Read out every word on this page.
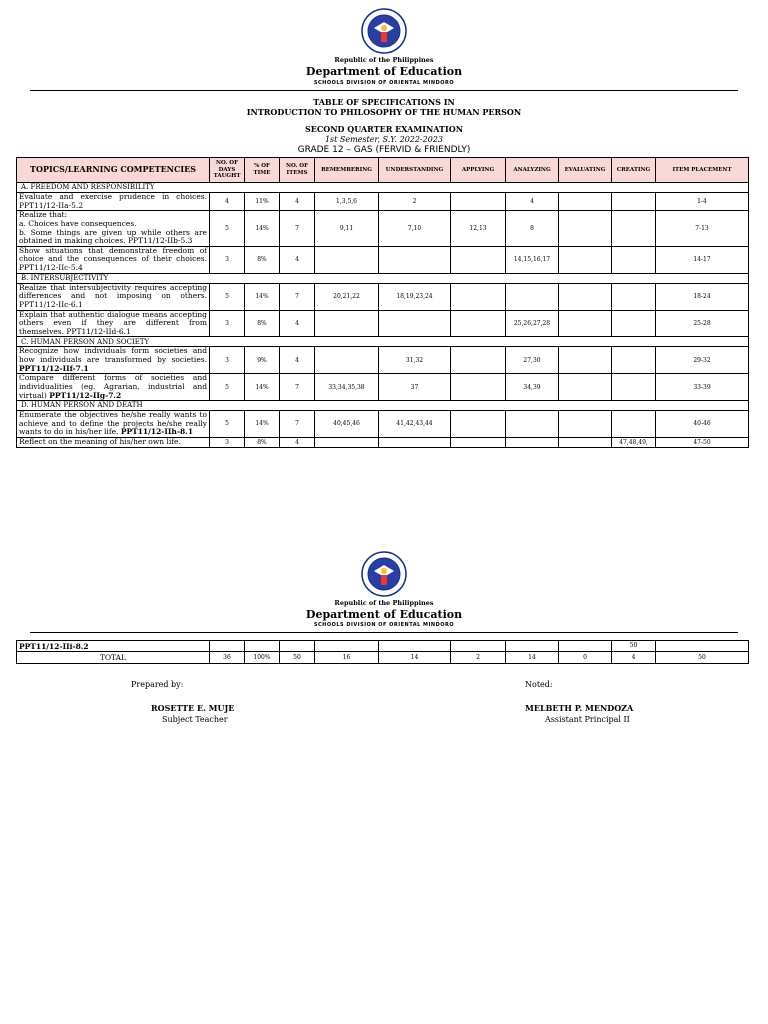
Republic of the Philippines
Department of Education
SCHOOLS DIVISION OF ORIENTAL MINDORO
TABLE OF SPECIFICATIONS IN
INTRODUCTION TO PHILOSOPHY OF THE HUMAN PERSON
SECOND QUARTER EXAMINATION
1st Semester, S.Y. 2022-2023
GRADE 12 – GAS (FERVID & FRIENDLY)
TOPICS/LEARNING COMPETENCIES	NO. OF DAYS TAUGHT	% OF TIME	NO. OF ITEMS	REMEMBERING	UNDERSTANDING	APPLYING	ANALYZING	EVALUATING	CREATING	ITEM PLACEMENT
A. FREEDOM AND RESPONSIBILITY										
Evaluate and exercise prudence in choices. PPT11/12-IIa-5.2	4	11%	4	1,3,5,6	2		4			1-4
Realize that:
a. Choices have consequences.
b. Some things are given up while others are obtained in making choices. PPT11/12-IIb-5.3	5	14%	7	9,11	7,10	12,13	8			7-13
Show situations that demonstrate freedom of choice and the consequences of their choices. PPT11/12-IIc-5.4	3	8%	4				14,15,16,17			14-17
B. INTERSUBJECTIVITY										
Realize that intersubjectivity requires accepting differences and not imposing on others. PPT11/12-IIc-6.1	5	14%	7	20,21,22	18,19,23,24					18-24
Explain that authentic dialogue means accepting others even if they are different from themselves. PPT11/12-IId-6.1	3	8%	4				25,26,27,28			25-28
C. HUMAN PERSON AND SOCIETY										
Recognize how individuals form societies and how individuals are transformed by societies. PPT11/12-IIf-7.1	3	9%	4		31,32		27,30			29-32
Compare different forms of societies and individualities (eg. Agrarian, industrial and virtual) PPT11/12-IIg-7.2	5	14%	7	33,34,35,38	37		34,39			33-39
D. HUMAN PERSON AND DEATH										
Enumerate the objectives he/she really wants to achieve and to define the projects he/she really wants to do in his/her life. PPT11/12-IIh-8.1	5	14%	7	40,45,46	41,42,43,44					40-46
Reflect on the meaning of his/her own life.	3	8%	4						47,48,49,	47-50
Republic of the Philippines
Department of Education
SCHOOLS DIVISION OF ORIENTAL MINDORO
PPT11/12-IIi-8.2									50	
TOTAL	36	100%	50	16	14	2	14	0	4	50
Prepared by:
ROSETTE E. MUJE
Subject Teacher
Noted:
MELBETH P. MENDOZA
Assistant Principal II
